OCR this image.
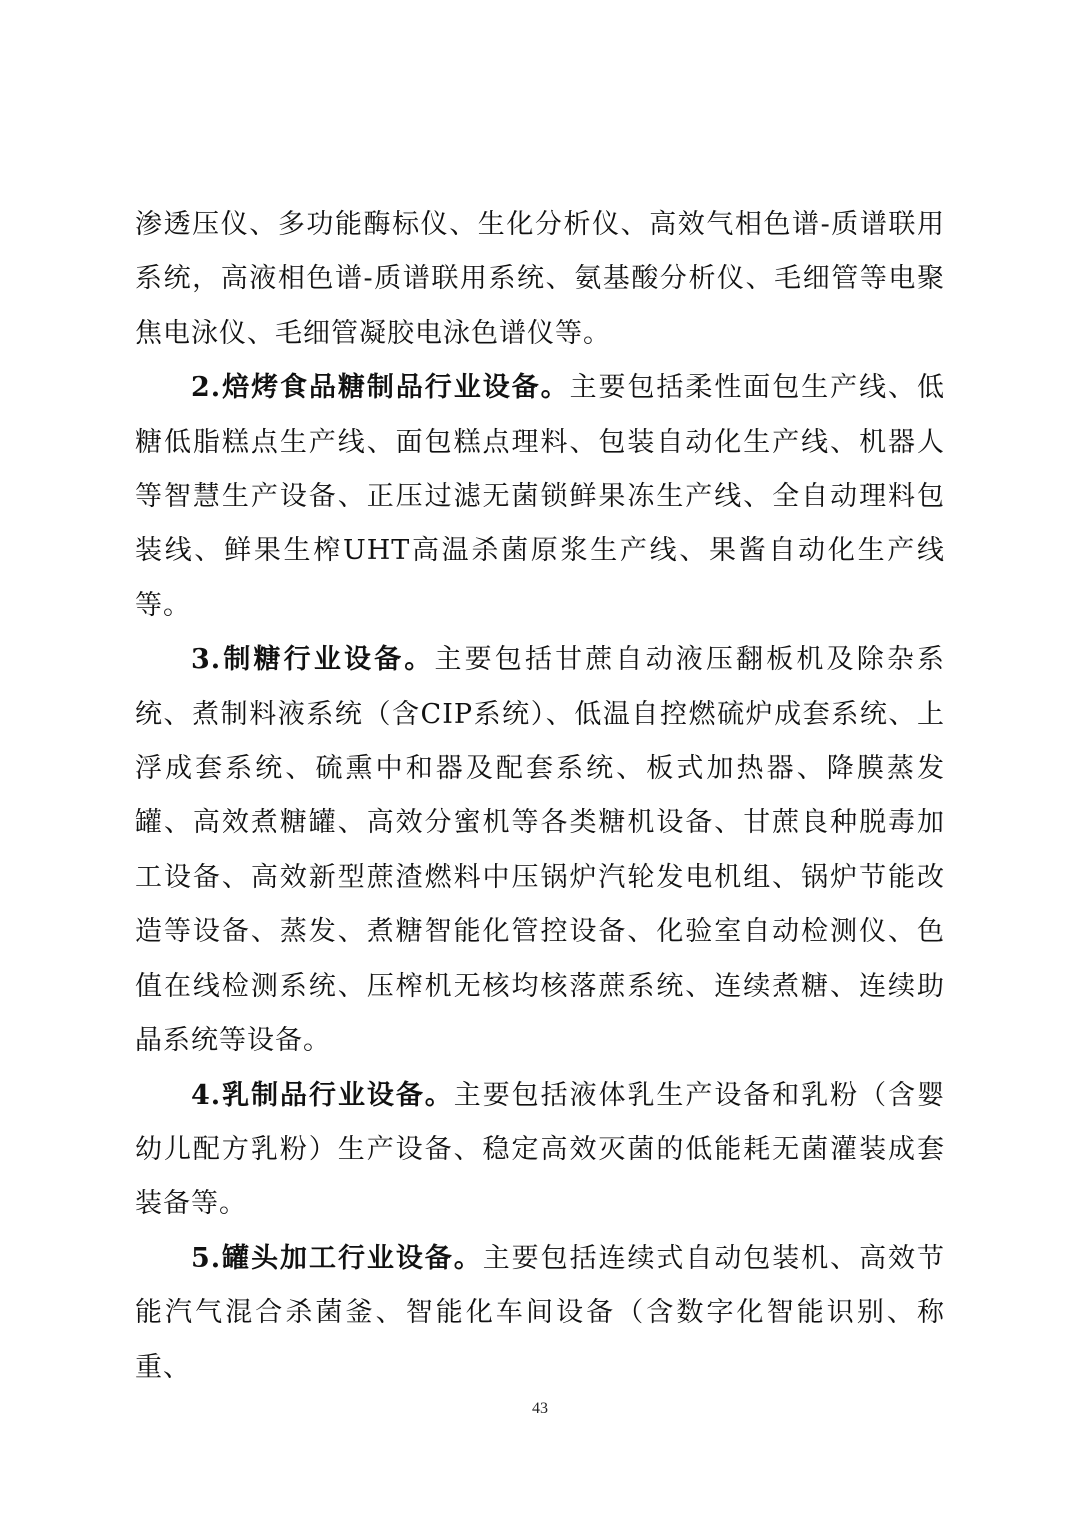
渗透压仪、多功能酶标仪、生化分析仪、高效气相色谱-质谱联用系统，高液相色谱-质谱联用系统、氨基酸分析仪、毛细管等电聚焦电泳仪、毛细管凝胶电泳色谱仪等。

2.焙烤食品糖制品行业设备。主要包括柔性面包生产线、低糖低脂糕点生产线、面包糕点理料、包装自动化生产线、机器人等智慧生产设备、正压过滤无菌锁鲜果冻生产线、全自动理料包装线、鲜果生榨UHT高温杀菌原浆生产线、果酱自动化生产线等。

3.制糖行业设备。主要包括甘蔗自动液压翻板机及除杂系统、煮制料液系统（含CIP系统）、低温自控燃硫炉成套系统、上浮成套系统、硫熏中和器及配套系统、板式加热器、降膜蒸发罐、高效煮糖罐、高效分蜜机等各类糖机设备、甘蔗良种脱毒加工设备、高效新型蔗渣燃料中压锅炉汽轮发电机组、锅炉节能改造等设备、蒸发、煮糖智能化管控设备、化验室自动检测仪、色值在线检测系统、压榨机无核均核落蔗系统、连续煮糖、连续助晶系统等设备。

4.乳制品行业设备。主要包括液体乳生产设备和乳粉（含婴幼儿配方乳粉）生产设备、稳定高效灭菌的低能耗无菌灌装成套装备等。

5.罐头加工行业设备。主要包括连续式自动包装机、高效节能汽气混合杀菌釜、智能化车间设备（含数字化智能识别、称重、

43
